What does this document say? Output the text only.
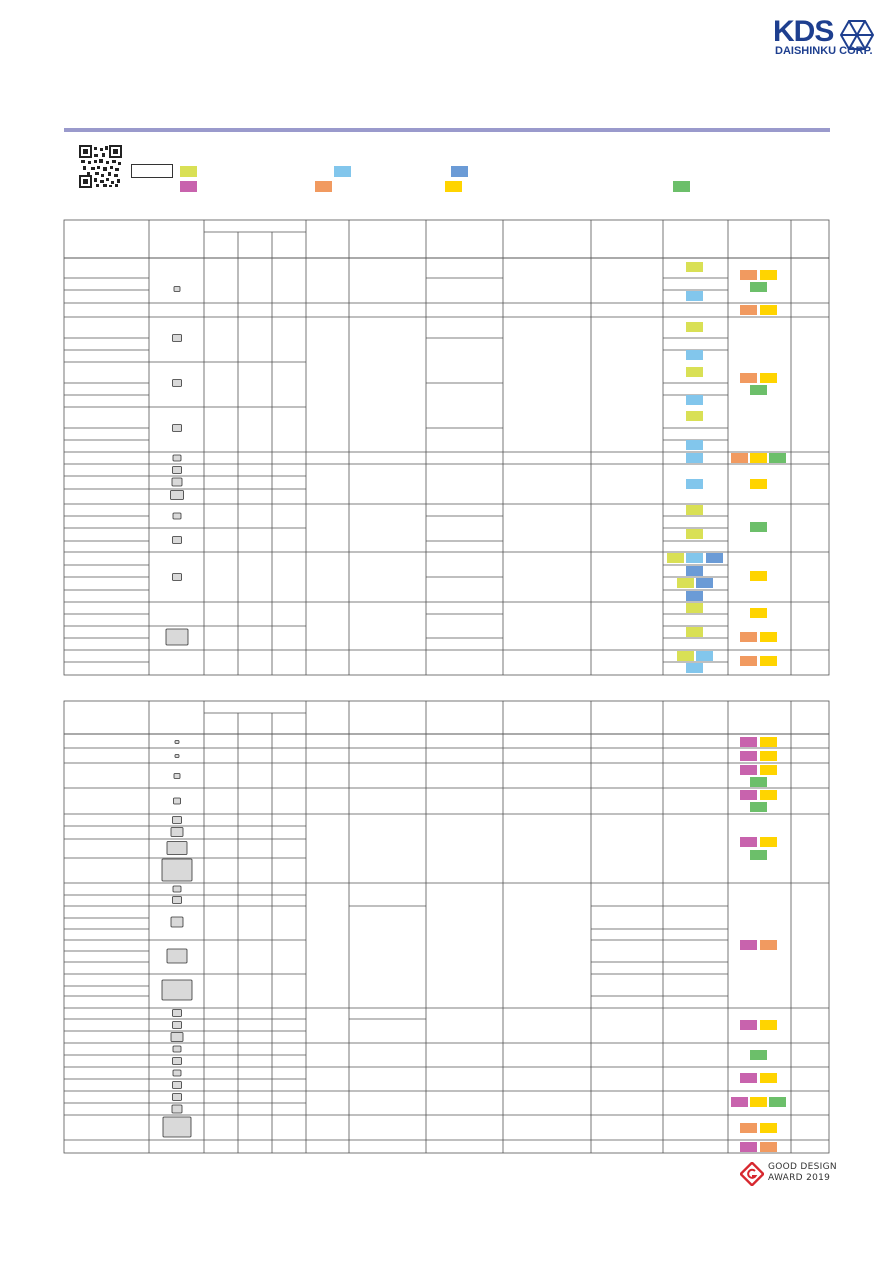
KDS
DAISHINKU CORP.
GOOD DESIGN
AWARD 2019
